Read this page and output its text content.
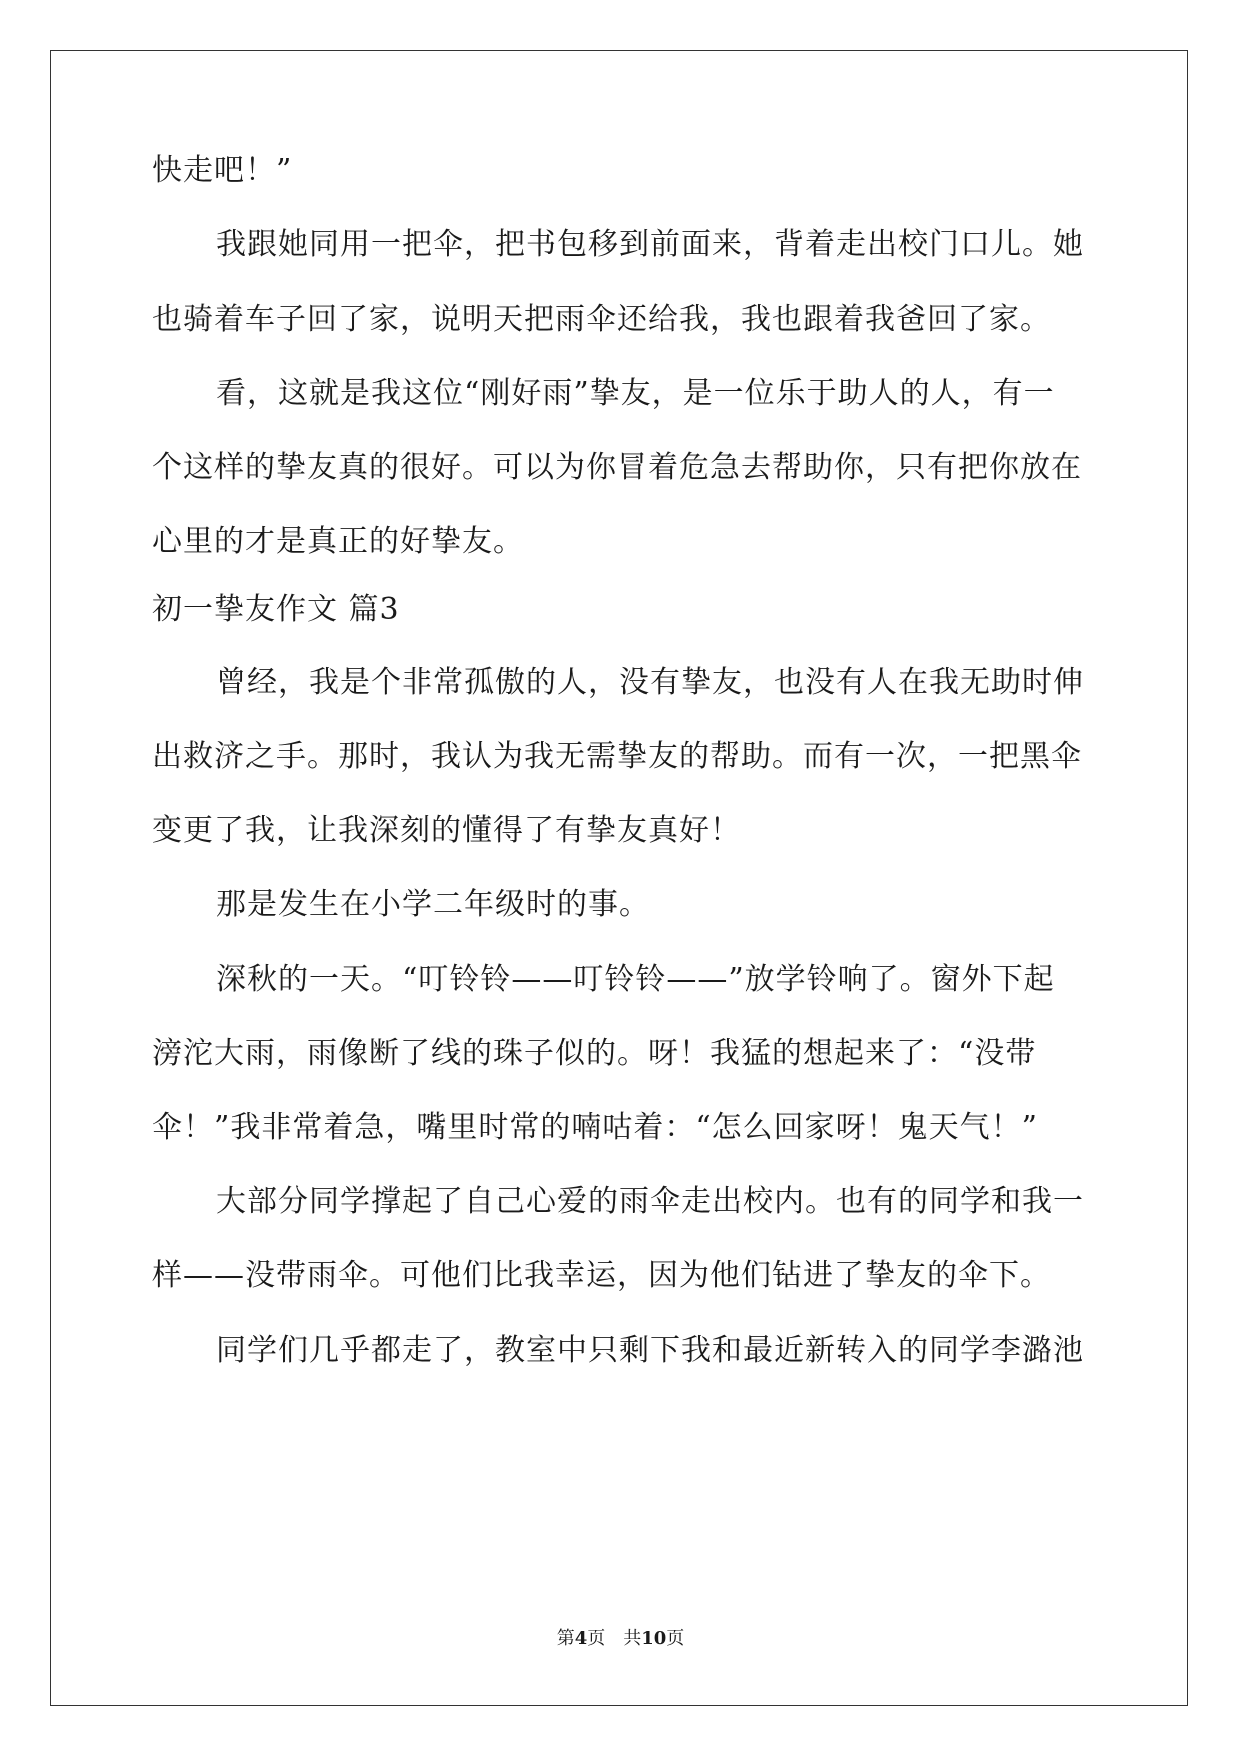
快走吧！”
我跟她同用一把伞，把书包移到前面来，背着走出校门口儿。她
也骑着车子回了家，说明天把雨伞还给我，我也跟着我爸回了家。
看，这就是我这位“刚好雨”挚友，是一位乐于助人的人，有一
个这样的挚友真的很好。可以为你冒着危急去帮助你，只有把你放在
心里的才是真正的好挚友。
初一挚友作文 篇3
曾经，我是个非常孤傲的人，没有挚友，也没有人在我无助时伸
出救济之手。那时，我认为我无需挚友的帮助。而有一次，一把黑伞
变更了我，让我深刻的懂得了有挚友真好！
那是发生在小学二年级时的事。
深秋的一天。“叮铃铃——叮铃铃——”放学铃响了。窗外下起
滂沱大雨，雨像断了线的珠子似的。呀！我猛的想起来了：“没带
伞！”我非常着急，嘴里时常的喃咕着：“怎么回家呀！鬼天气！”
大部分同学撑起了自己心爱的雨伞走出校内。也有的同学和我一
样——没带雨伞。可他们比我幸运，因为他们钻进了挚友的伞下。
同学们几乎都走了，教室中只剩下我和最近新转入的同学李潞池
第4页 共10页
